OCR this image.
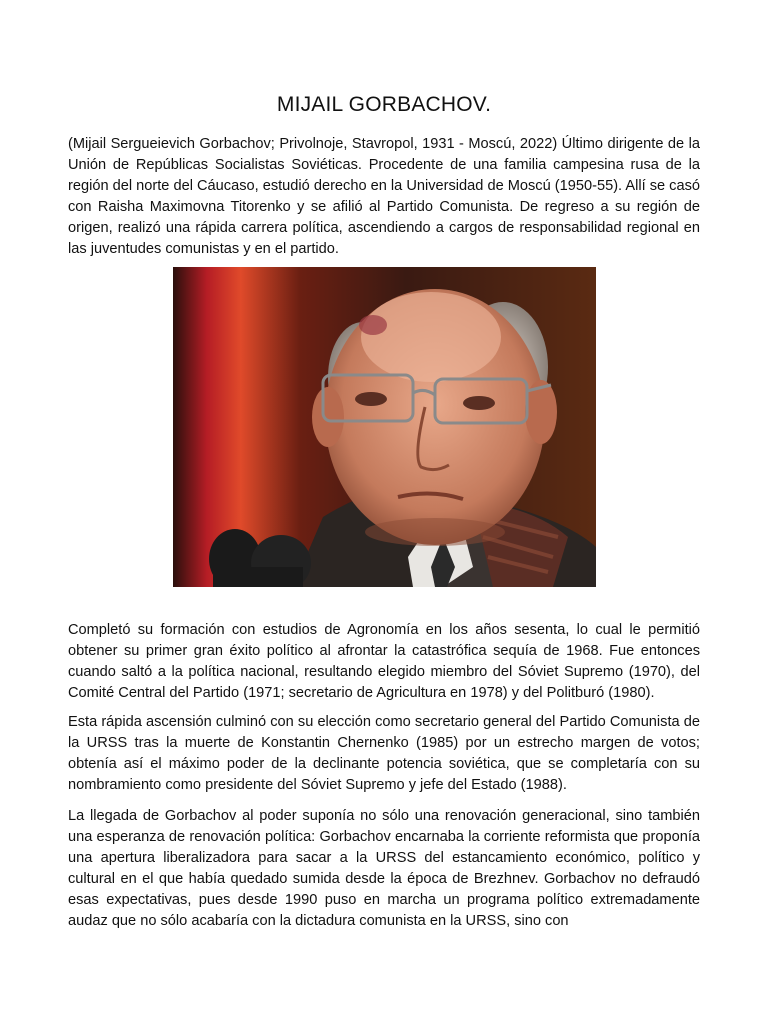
MIJAIL GORBACHOV.

(Mijail Sergueievich Gorbachov; Privolnoje, Stavropol, 1931 - Moscú, 2022) Último dirigente de la Unión de Repúblicas Socialistas Soviéticas. Procedente de una familia campesina rusa de la región del norte del Cáucaso, estudió derecho en la Universidad de Moscú (1950-55). Allí se casó con Raisha Maximovna Titorenko y se afilió al Partido Comunista. De regreso a su región de origen, realizó una rápida carrera política, ascendiendo a cargos de responsabilidad regional en las juventudes comunistas y en el partido.

Completó su formación con estudios de Agronomía en los años sesenta, lo cual le permitió obtener su primer gran éxito político al afrontar la catastrófica sequía de 1968. Fue entonces cuando saltó a la política nacional, resultando elegido miembro del Sóviet Supremo (1970), del Comité Central del Partido (1971; secretario de Agricultura en 1978) y del Politburó (1980).

Esta rápida ascensión culminó con su elección como secretario general del Partido Comunista de la URSS tras la muerte de Konstantin Chernenko (1985) por un estrecho margen de votos; obtenía así el máximo poder de la declinante potencia soviética, que se completaría con su nombramiento como presidente del Sóviet Supremo y jefe del Estado (1988).

La llegada de Gorbachov al poder suponía no sólo una renovación generacional, sino también una esperanza de renovación política: Gorbachov encarnaba la corriente reformista que proponía una apertura liberalizadora para sacar a la URSS del estancamiento económico, político y cultural en el que había quedado sumida desde la época de Brezhnev. Gorbachov no defraudó esas expectativas, pues desde 1990 puso en marcha un programa político extremadamente audaz que no sólo acabaría con la dictadura comunista en la URSS, sino con
